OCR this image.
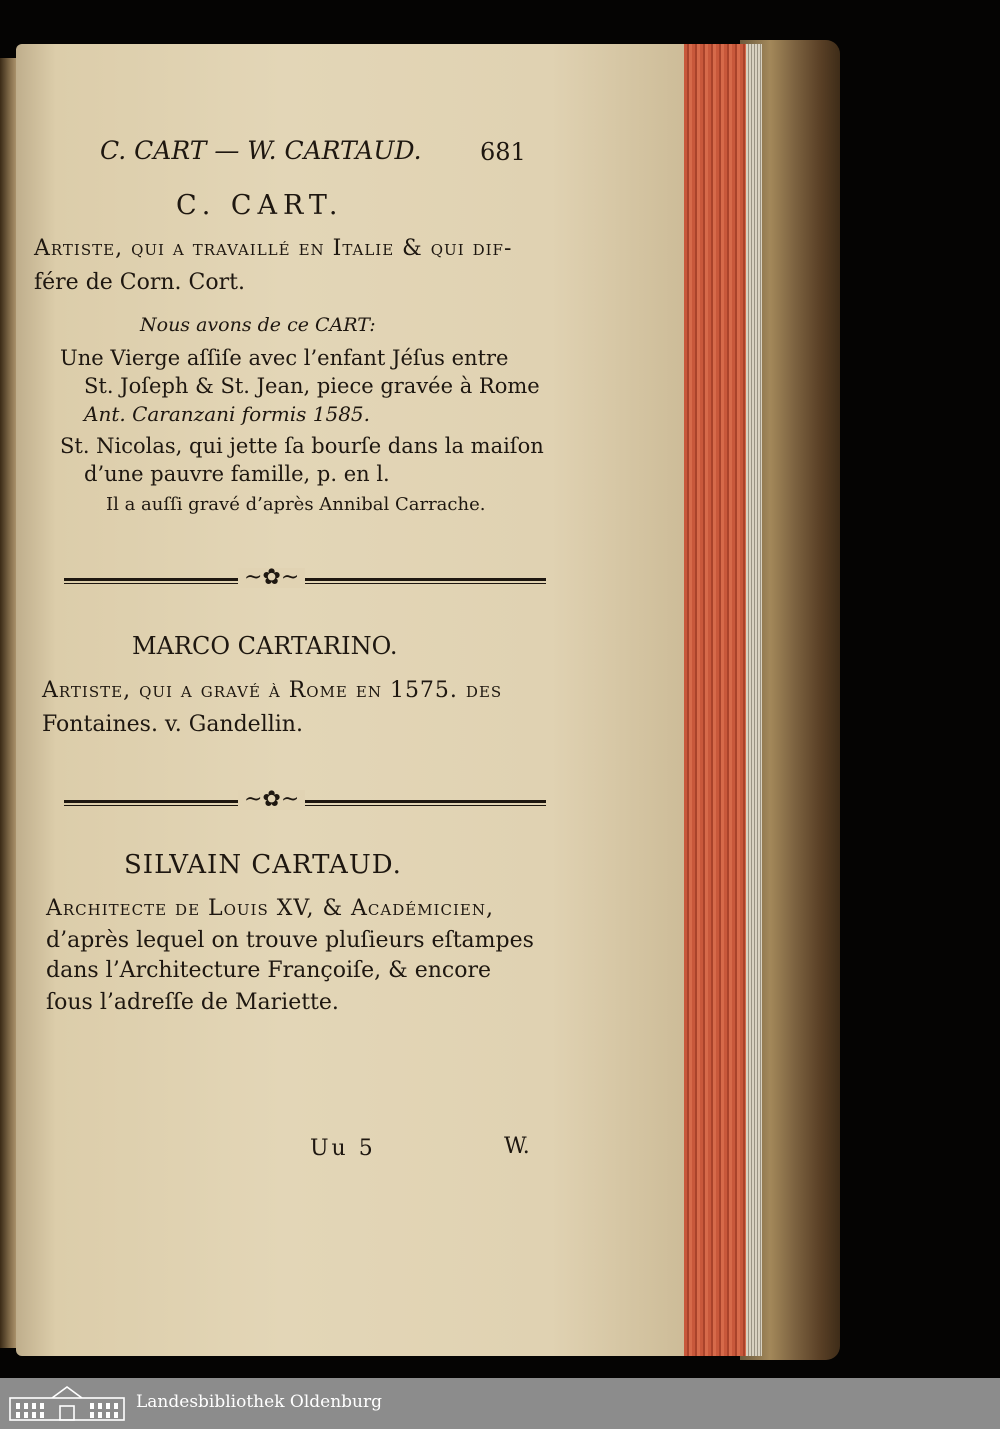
C. CART — W. CARTAUD. 681
C. CART.
Artiste, qui a travaillé en Italie & qui dif-
fére de Corn. Cort.
Nous avons de ce CART:
Une Vierge aſſiſe avec l’enfant Jéſus entre
St. Joſeph & St. Jean, piece gravée à Rome
Ant. Caranzani formis 1585.
St. Nicolas, qui jette ſa bourſe dans la maiſon
d’une pauvre famille, p. en l.
Il a auſſi gravé d’après Annibal Carrache.
~✿~
MARCO CARTARINO.
Artiste, qui a gravé à Rome en 1575. des
Fontaines. v. Gandellin.
~✿~
SILVAIN CARTAUD.
Architecte de Louis XV, & Académicien,
d’après lequel on trouve pluſieurs eſtampes
dans l’Architecture Françoiſe, & encore
ſous l’adreſſe de Mariette.
Uu 5	W.
Landesbibliothek Oldenburg
